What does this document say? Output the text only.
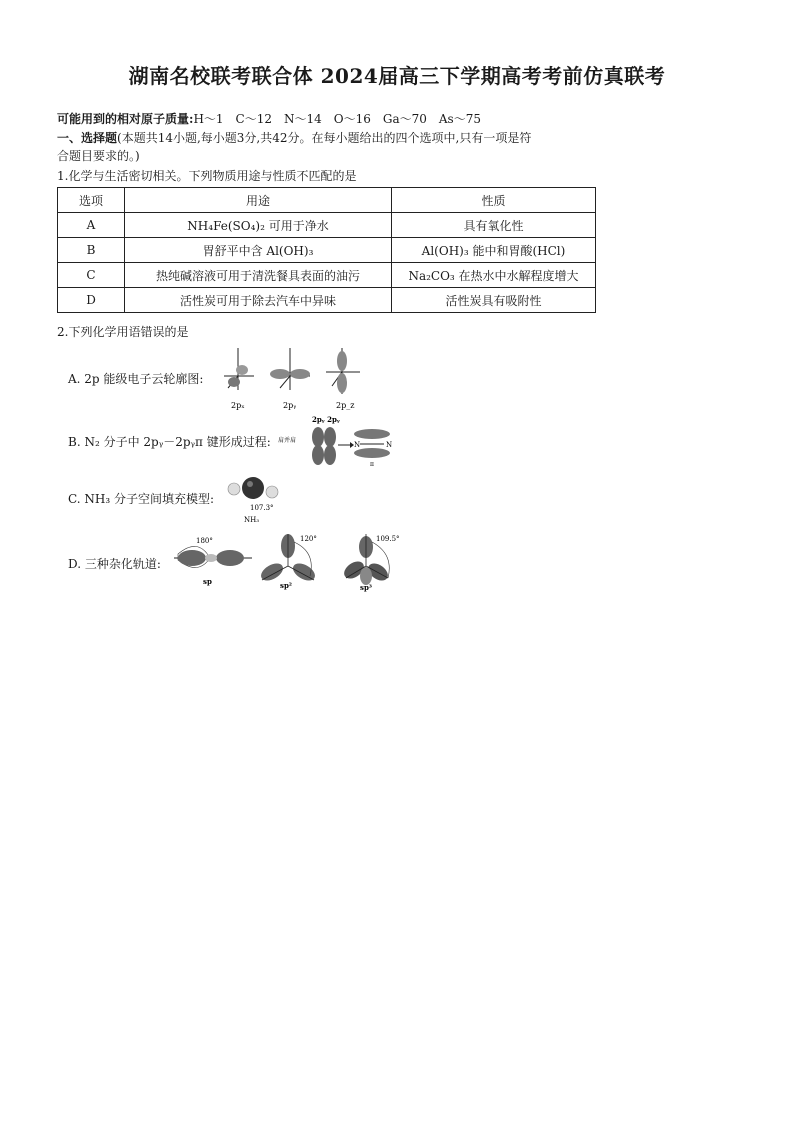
湖南名校联考联合体 2024届高三下学期高考考前仿真联考
可能用到的相对原子质量:H～1　C～12　N～14　O～16　Ga～70　As～75
一、选择题(本题共14小题,每小题3分,共42分。在每小题给出的四个选项中,只有一项是符
合题目要求的。)
1.化学与生活密切相关。下列物质用途与性质不匹配的是
选项	用途	性质
A	NH₄Fe(SO₄)₂ 可用于净水	具有氧化性
B	胃舒平中含 Al(OH)₃	Al(OH)₃ 能中和胃酸(HCl)
C	热纯碱溶液可用于清洗餐具表面的油污	Na₂CO₃ 在热水中水解程度增大
D	活性炭可用于除去汽车中异味	活性炭具有吸附性
2.下列化学用语错误的是
A. 2p 能级电子云轮廓图:
2pₓ	2pᵧ	2p_z
B. N₂ 分子中 2pᵧ－2pᵧπ 键形成过程:
2pᵧ 2pᵧ
肩并肩
N	N
π
C. NH₃ 分子空间填充模型:
107.3°
NH₃
D. 三种杂化轨道:
180°
sp
120°
sp²
109.5°
sp³
